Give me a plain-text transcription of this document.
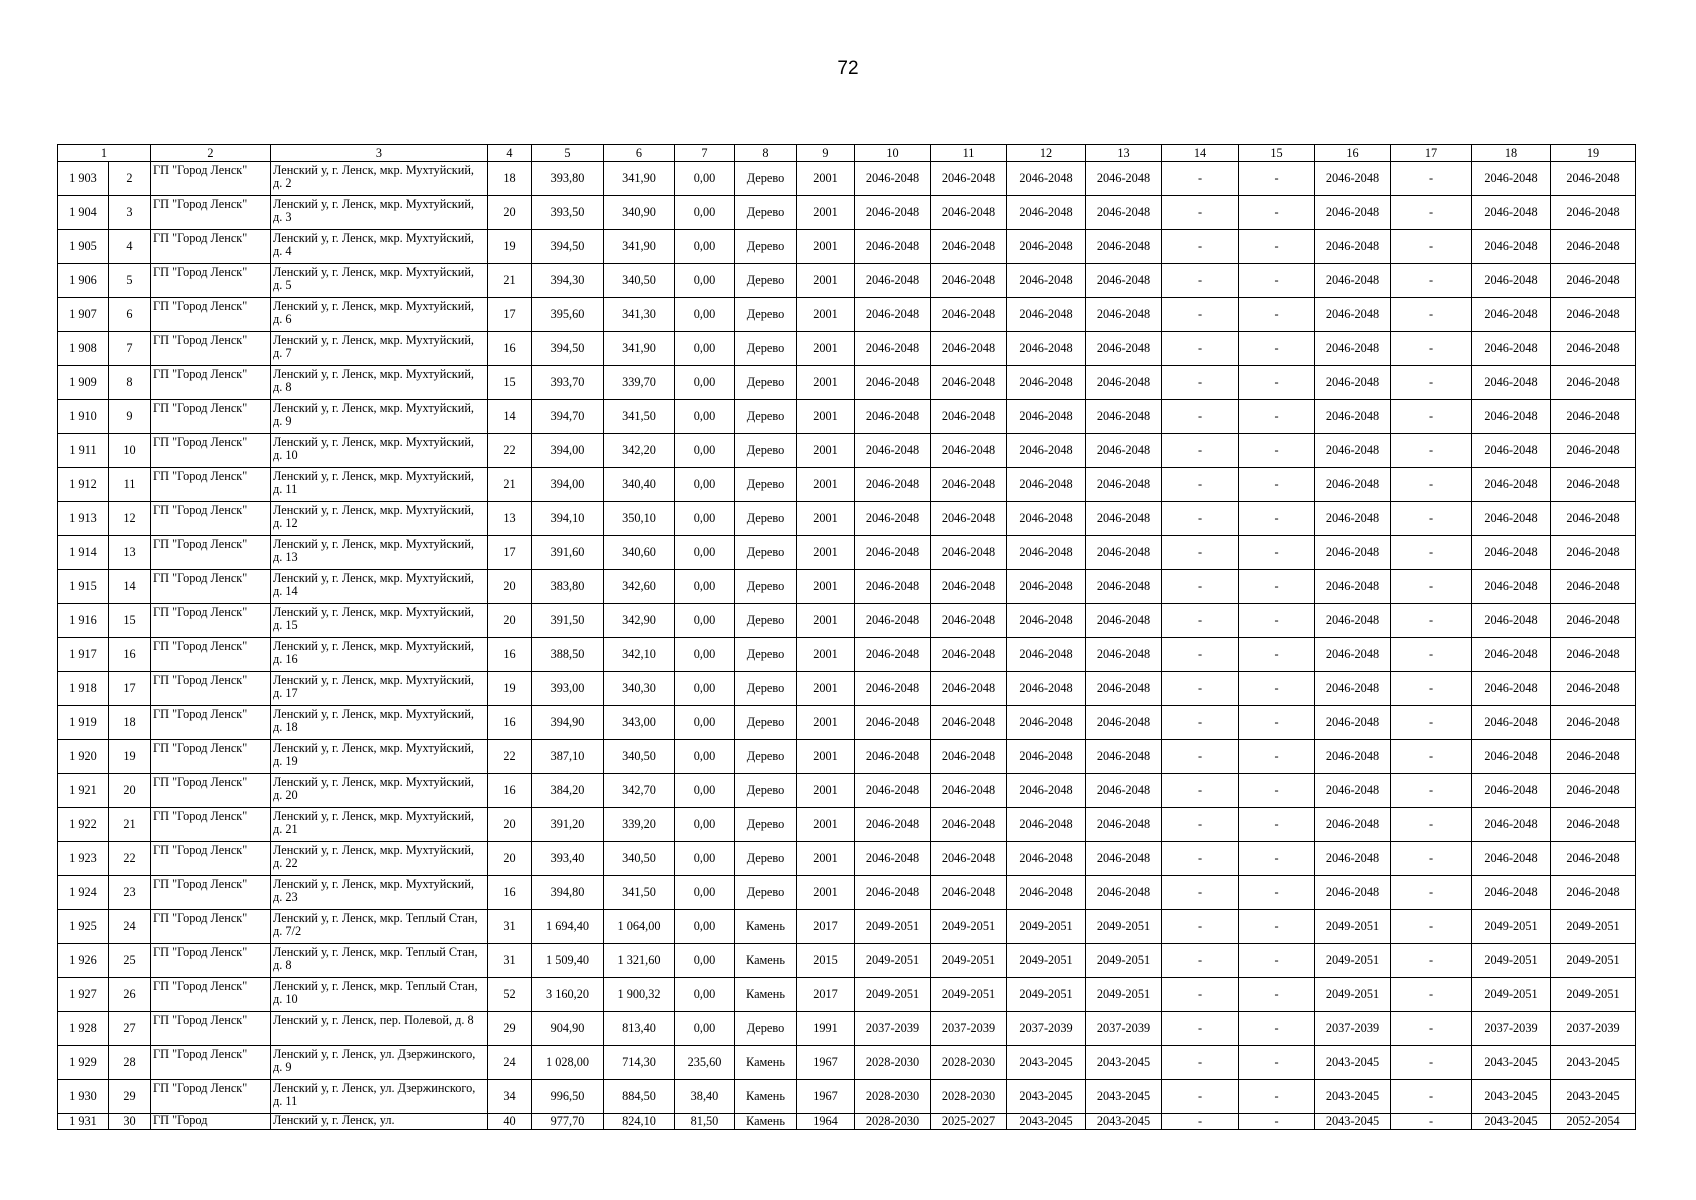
72
1		2	3	4	5	6	7	8	9	10	11	12	13	14	15	16	17	18	19
1 903	2	ГП "Город Ленск"	Ленский у, г. Ленск, мкр. Мухтуйский, д. 2	18	393,80	341,90	0,00	Дерево	2001	2046-2048	2046-2048	2046-2048	2046-2048	-	-	2046-2048	-	2046-2048	2046-2048
1 904	3	ГП "Город Ленск"	Ленский у, г. Ленск, мкр. Мухтуйский, д. 3	20	393,50	340,90	0,00	Дерево	2001	2046-2048	2046-2048	2046-2048	2046-2048	-	-	2046-2048	-	2046-2048	2046-2048
1 905	4	ГП "Город Ленск"	Ленский у, г. Ленск, мкр. Мухтуйский, д. 4	19	394,50	341,90	0,00	Дерево	2001	2046-2048	2046-2048	2046-2048	2046-2048	-	-	2046-2048	-	2046-2048	2046-2048
1 906	5	ГП "Город Ленск"	Ленский у, г. Ленск, мкр. Мухтуйский, д. 5	21	394,30	340,50	0,00	Дерево	2001	2046-2048	2046-2048	2046-2048	2046-2048	-	-	2046-2048	-	2046-2048	2046-2048
1 907	6	ГП "Город Ленск"	Ленский у, г. Ленск, мкр. Мухтуйский, д. 6	17	395,60	341,30	0,00	Дерево	2001	2046-2048	2046-2048	2046-2048	2046-2048	-	-	2046-2048	-	2046-2048	2046-2048
1 908	7	ГП "Город Ленск"	Ленский у, г. Ленск, мкр. Мухтуйский, д. 7	16	394,50	341,90	0,00	Дерево	2001	2046-2048	2046-2048	2046-2048	2046-2048	-	-	2046-2048	-	2046-2048	2046-2048
1 909	8	ГП "Город Ленск"	Ленский у, г. Ленск, мкр. Мухтуйский, д. 8	15	393,70	339,70	0,00	Дерево	2001	2046-2048	2046-2048	2046-2048	2046-2048	-	-	2046-2048	-	2046-2048	2046-2048
1 910	9	ГП "Город Ленск"	Ленский у, г. Ленск, мкр. Мухтуйский, д. 9	14	394,70	341,50	0,00	Дерево	2001	2046-2048	2046-2048	2046-2048	2046-2048	-	-	2046-2048	-	2046-2048	2046-2048
1 911	10	ГП "Город Ленск"	Ленский у, г. Ленск, мкр. Мухтуйский, д. 10	22	394,00	342,20	0,00	Дерево	2001	2046-2048	2046-2048	2046-2048	2046-2048	-	-	2046-2048	-	2046-2048	2046-2048
1 912	11	ГП "Город Ленск"	Ленский у, г. Ленск, мкр. Мухтуйский, д. 11	21	394,00	340,40	0,00	Дерево	2001	2046-2048	2046-2048	2046-2048	2046-2048	-	-	2046-2048	-	2046-2048	2046-2048
1 913	12	ГП "Город Ленск"	Ленский у, г. Ленск, мкр. Мухтуйский, д. 12	13	394,10	350,10	0,00	Дерево	2001	2046-2048	2046-2048	2046-2048	2046-2048	-	-	2046-2048	-	2046-2048	2046-2048
1 914	13	ГП "Город Ленск"	Ленский у, г. Ленск, мкр. Мухтуйский, д. 13	17	391,60	340,60	0,00	Дерево	2001	2046-2048	2046-2048	2046-2048	2046-2048	-	-	2046-2048	-	2046-2048	2046-2048
1 915	14	ГП "Город Ленск"	Ленский у, г. Ленск, мкр. Мухтуйский, д. 14	20	383,80	342,60	0,00	Дерево	2001	2046-2048	2046-2048	2046-2048	2046-2048	-	-	2046-2048	-	2046-2048	2046-2048
1 916	15	ГП "Город Ленск"	Ленский у, г. Ленск, мкр. Мухтуйский, д. 15	20	391,50	342,90	0,00	Дерево	2001	2046-2048	2046-2048	2046-2048	2046-2048	-	-	2046-2048	-	2046-2048	2046-2048
1 917	16	ГП "Город Ленск"	Ленский у, г. Ленск, мкр. Мухтуйский, д. 16	16	388,50	342,10	0,00	Дерево	2001	2046-2048	2046-2048	2046-2048	2046-2048	-	-	2046-2048	-	2046-2048	2046-2048
1 918	17	ГП "Город Ленск"	Ленский у, г. Ленск, мкр. Мухтуйский, д. 17	19	393,00	340,30	0,00	Дерево	2001	2046-2048	2046-2048	2046-2048	2046-2048	-	-	2046-2048	-	2046-2048	2046-2048
1 919	18	ГП "Город Ленск"	Ленский у, г. Ленск, мкр. Мухтуйский, д. 18	16	394,90	343,00	0,00	Дерево	2001	2046-2048	2046-2048	2046-2048	2046-2048	-	-	2046-2048	-	2046-2048	2046-2048
1 920	19	ГП "Город Ленск"	Ленский у, г. Ленск, мкр. Мухтуйский, д. 19	22	387,10	340,50	0,00	Дерево	2001	2046-2048	2046-2048	2046-2048	2046-2048	-	-	2046-2048	-	2046-2048	2046-2048
1 921	20	ГП "Город Ленск"	Ленский у, г. Ленск, мкр. Мухтуйский, д. 20	16	384,20	342,70	0,00	Дерево	2001	2046-2048	2046-2048	2046-2048	2046-2048	-	-	2046-2048	-	2046-2048	2046-2048
1 922	21	ГП "Город Ленск"	Ленский у, г. Ленск, мкр. Мухтуйский, д. 21	20	391,20	339,20	0,00	Дерево	2001	2046-2048	2046-2048	2046-2048	2046-2048	-	-	2046-2048	-	2046-2048	2046-2048
1 923	22	ГП "Город Ленск"	Ленский у, г. Ленск, мкр. Мухтуйский, д. 22	20	393,40	340,50	0,00	Дерево	2001	2046-2048	2046-2048	2046-2048	2046-2048	-	-	2046-2048	-	2046-2048	2046-2048
1 924	23	ГП "Город Ленск"	Ленский у, г. Ленск, мкр. Мухтуйский, д. 23	16	394,80	341,50	0,00	Дерево	2001	2046-2048	2046-2048	2046-2048	2046-2048	-	-	2046-2048	-	2046-2048	2046-2048
1 925	24	ГП "Город Ленск"	Ленский у, г. Ленск, мкр. Теплый Стан, д. 7/2	31	1 694,40	1 064,00	0,00	Камень	2017	2049-2051	2049-2051	2049-2051	2049-2051	-	-	2049-2051	-	2049-2051	2049-2051
1 926	25	ГП "Город Ленск"	Ленский у, г. Ленск, мкр. Теплый Стан, д. 8	31	1 509,40	1 321,60	0,00	Камень	2015	2049-2051	2049-2051	2049-2051	2049-2051	-	-	2049-2051	-	2049-2051	2049-2051
1 927	26	ГП "Город Ленск"	Ленский у, г. Ленск, мкр. Теплый Стан, д. 10	52	3 160,20	1 900,32	0,00	Камень	2017	2049-2051	2049-2051	2049-2051	2049-2051	-	-	2049-2051	-	2049-2051	2049-2051
1 928	27	ГП "Город Ленск"	Ленский у, г. Ленск, пер. Полевой, д. 8	29	904,90	813,40	0,00	Дерево	1991	2037-2039	2037-2039	2037-2039	2037-2039	-	-	2037-2039	-	2037-2039	2037-2039
1 929	28	ГП "Город Ленск"	Ленский у, г. Ленск, ул. Дзержинского, д. 9	24	1 028,00	714,30	235,60	Камень	1967	2028-2030	2028-2030	2043-2045	2043-2045	-	-	2043-2045	-	2043-2045	2043-2045
1 930	29	ГП "Город Ленск"	Ленский у, г. Ленск, ул. Дзержинского, д. 11	34	996,50	884,50	38,40	Камень	1967	2028-2030	2028-2030	2043-2045	2043-2045	-	-	2043-2045	-	2043-2045	2043-2045
1 931	30	ГП "Город	Ленский у, г. Ленск, ул.	40	977,70	824,10	81,50	Камень	1964	2028-2030	2025-2027	2043-2045	2043-2045	-	-	2043-2045	-	2043-2045	2052-2054
